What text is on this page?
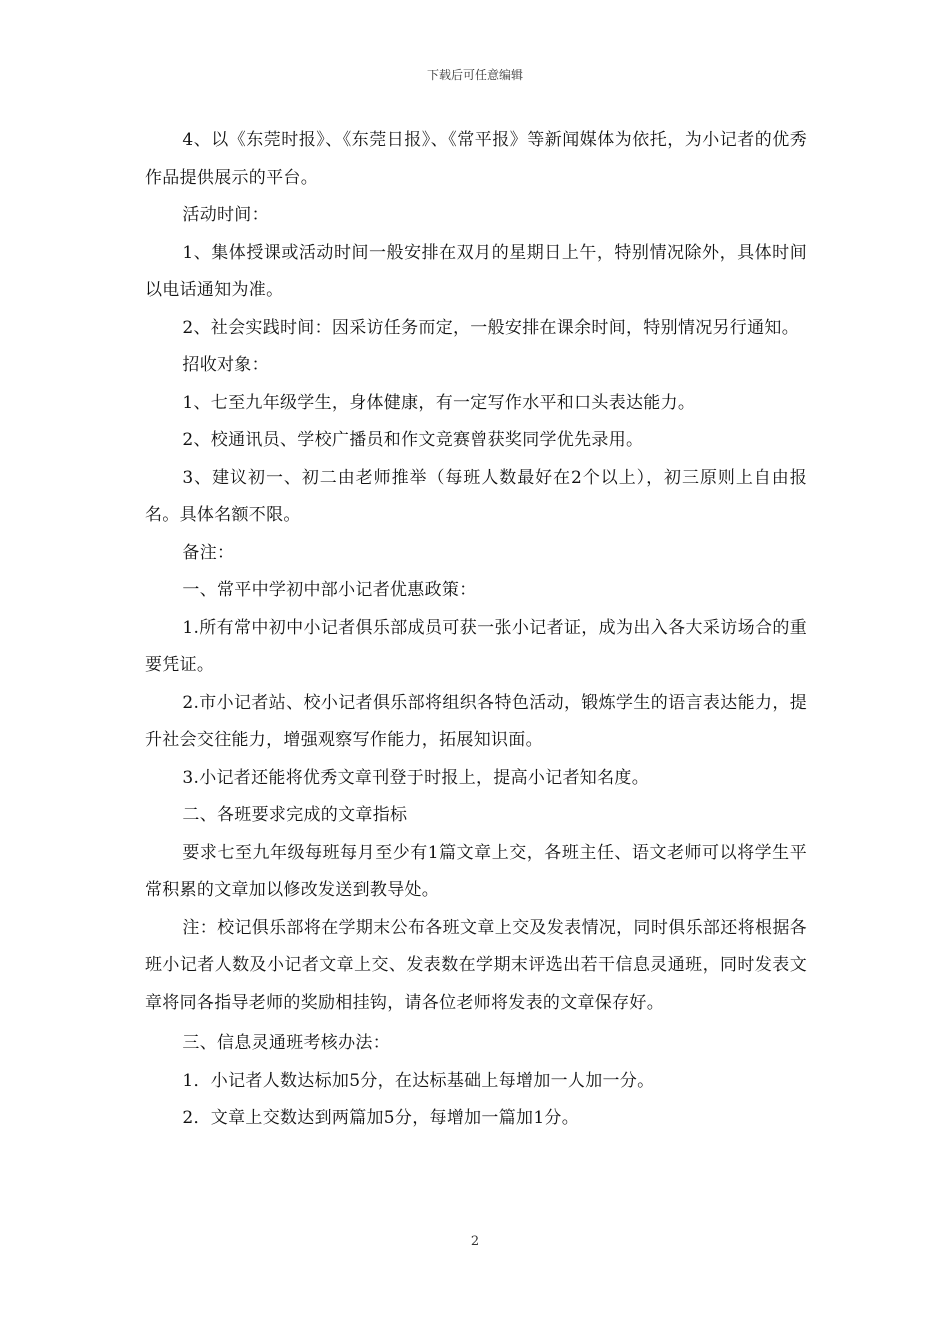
下载后可任意编辑

4、以《东莞时报》、《东莞日报》、《常平报》等新闻媒体为依托，为小记者的优秀作品提供展示的平台。

活动时间：

1、集体授课或活动时间一般安排在双月的星期日上午，特别情况除外，具体时间以电话通知为准。

2、社会实践时间：因采访任务而定，一般安排在课余时间，特别情况另行通知。

招收对象：

1、七至九年级学生，身体健康，有一定写作水平和口头表达能力。

2、校通讯员、学校广播员和作文竞赛曾获奖同学优先录用。

3、建议初一、初二由老师推举（每班人数最好在2个以上），初三原则上自由报名。具体名额不限。

备注：

一、常平中学初中部小记者优惠政策：

1.所有常中初中小记者俱乐部成员可获一张小记者证，成为出入各大采访场合的重要凭证。

2.市小记者站、校小记者俱乐部将组织各特色活动，锻炼学生的语言表达能力，提升社会交往能力，增强观察写作能力，拓展知识面。

3.小记者还能将优秀文章刊登于时报上，提高小记者知名度。

二、各班要求完成的文章指标

要求七至九年级每班每月至少有1篇文章上交，各班主任、语文老师可以将学生平常积累的文章加以修改发送到教导处。

注：校记俱乐部将在学期末公布各班文章上交及发表情况，同时俱乐部还将根据各班小记者人数及小记者文章上交、发表数在学期末评选出若干信息灵通班，同时发表文章将同各指导老师的奖励相挂钩，请各位老师将发表的文章保存好。

三、信息灵通班考核办法：

1．小记者人数达标加5分，在达标基础上每增加一人加一分。

2．文章上交数达到两篇加5分，每增加一篇加1分。

2
